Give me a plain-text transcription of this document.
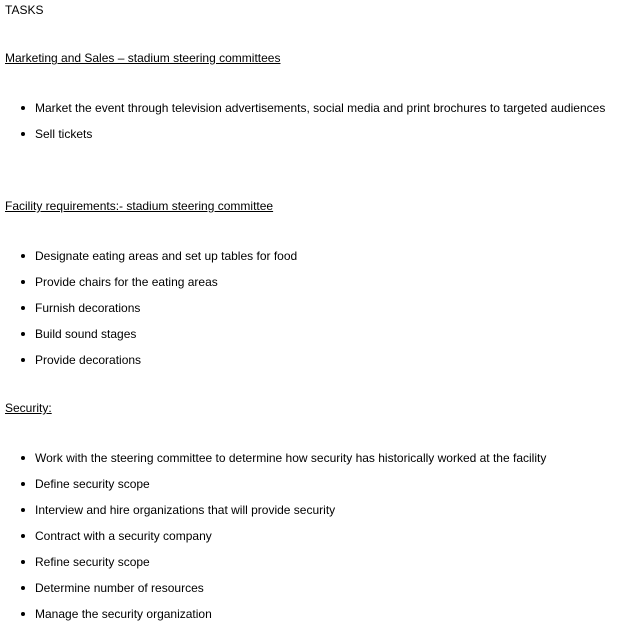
TASKS
Marketing and Sales – stadium steering committees
Market the event through television advertisements, social media and print brochures to targeted audiences
Sell tickets
Facility requirements:- stadium steering committee
Designate eating areas and set up tables for food
Provide chairs for the eating areas
Furnish decorations
Build sound stages
Provide decorations
Security:
Work with the steering committee to determine how security has historically worked at the facility
Define security scope
Interview and hire organizations that will provide security
Contract with a security company
Refine security scope
Determine number of resources
Manage the security organization
